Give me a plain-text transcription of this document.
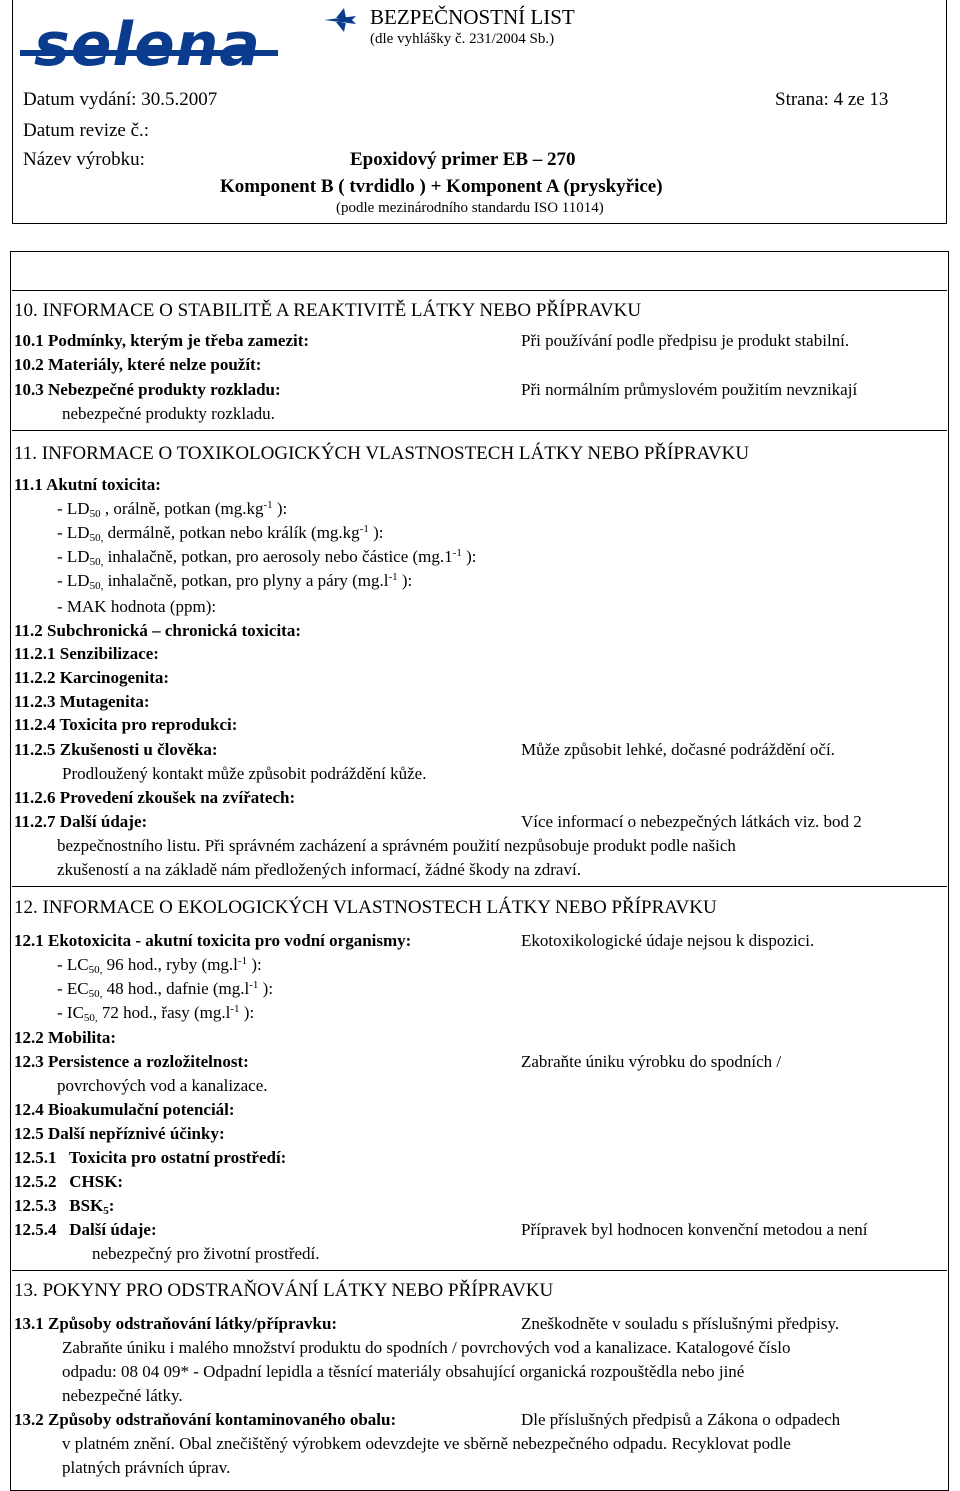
selena	BEZPEČNOSTNÍ LIST
(dle vyhlášky č. 231/2004 Sb.)
Datum vydání: 30.5.2007	Strana: 4 ze 13
Datum revize č.:
Název výrobku:	Epoxidový primer EB – 270
Komponent B ( tvrdidlo ) + Komponent A (pryskyřice)
(podle mezinárodního standardu ISO 11014)
10. INFORMACE O STABILITĚ A REAKTIVITĚ LÁTKY NEBO PŘÍPRAVKU
10.1 Podmínky, kterým je třeba zamezit:	Při používání podle předpisu je produkt stabilní.
10.2 Materiály, které nelze použít:
10.3 Nebezpečné produkty rozkladu:	Při normálním průmyslovém použitím nevznikají
nebezpečné produkty rozkladu.
11. INFORMACE O TOXIKOLOGICKÝCH VLASTNOSTECH LÁTKY NEBO PŘÍPRAVKU
11.1 Akutní toxicita:
- $LD_{50}$ , orálně, potkan ($mg.kg^{-1}$ ):
- $LD_{50,}$ dermálně, potkan nebo králík ($mg.kg^{-1}$ ):
- $LD_{50,}$ inhalačně, potkan, pro aerosoly nebo částice ($mg.1^{-1}$ ):
- $LD_{50,}$ inhalačně, potkan, pro plyny a páry ($mg.l^{-1}$ ):
- MAK hodnota (ppm):
11.2 Subchronická – chronická toxicita:
11.2.1 Senzibilizace:
11.2.2 Karcinogenita:
11.2.3 Mutagenita:
11.2.4 Toxicita pro reprodukci:
11.2.5 Zkušenosti u člověka:	Může způsobit lehké, dočasné podráždění očí.
Prodloužený kontakt může způsobit podráždění kůže.
11.2.6 Provedení zkoušek na zvířatech:
11.2.7 Další údaje:	Více informací o nebezpečných látkách viz. bod 2
bezpečnostního listu. Při správném zacházení a správném použití nezpůsobuje produkt podle našich
zkušeností a na základě nám předložených informací, žádné škody na zdraví.
12. INFORMACE O EKOLOGICKÝCH VLASTNOSTECH LÁTKY NEBO PŘÍPRAVKU
12.1 Ekotoxicita - akutní toxicita pro vodní organismy:	Ekotoxikologické údaje nejsou k dispozici.
- $LC_{50,}$ 96 hod., ryby ($mg.l^{-1}$ ):
- $EC_{50,}$ 48 hod., dafnie ($mg.l^{-1}$ ):
- $IC_{50,}$ 72 hod., řasy ($mg.l^{-1}$ ):
12.2 Mobilita:
12.3 Persistence a rozložitelnost:	Zabraňte úniku výrobku do spodních /
povrchových vod a kanalizace.
12.4 Bioakumulační potenciál:
12.5 Další nepříznivé účinky:
12.5.1   Toxicita pro ostatní prostředí:
12.5.2   CHSK:
12.5.3   $BSK_5$:
12.5.4   Další údaje:	Přípravek byl hodnocen konvenční metodou a není
nebezpečný pro životní prostředí.
13. POKYNY PRO ODSTRAŇOVÁNÍ LÁTKY NEBO PŘÍPRAVKU
13.1 Způsoby odstraňování látky/přípravku:	Zneškodněte v souladu s příslušnými předpisy.
Zabraňte úniku i malého množství produktu do spodních / povrchových vod a kanalizace. Katalogové číslo
odpadu: 08 04 09* - Odpadní lepidla a těsnící materiály obsahující organická rozpouštědla nebo jiné
nebezpečné látky.
13.2 Způsoby odstraňování kontaminovaného obalu:	Dle příslušných předpisů a Zákona o odpadech
v platném znění. Obal znečištěný výrobkem odevzdejte ve sběrně nebezpečného odpadu. Recyklovat podle
platných právních úprav.
